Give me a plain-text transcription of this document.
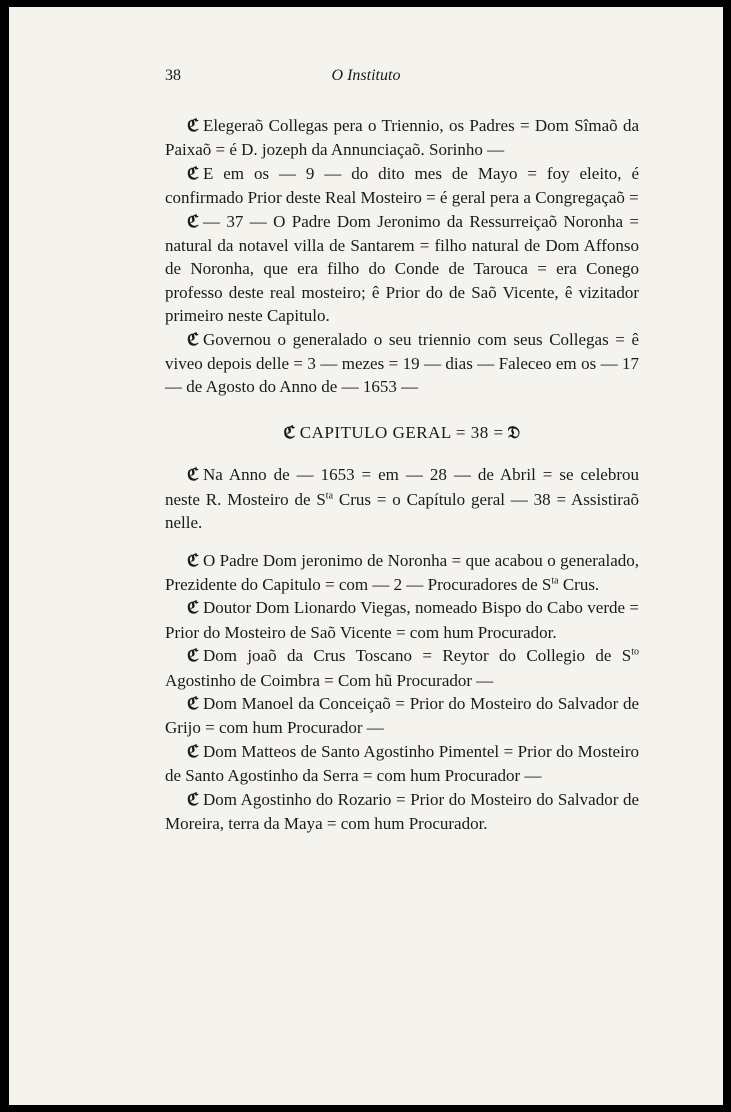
38	O Instituto

ℭ Elegeraõ Collegas pera o Triennio, os Padres = Dom Sîmaõ da Paixaõ = é D. jozeph da Annunciaçaõ. Sorinho —

ℭ E em os — 9 — do dito mes de Mayo = foy eleito, é confirmado Prior deste Real Mosteiro = é geral pera a Congregaçaõ =

ℭ — 37 — O Padre Dom Jeronimo da Ressurreiçaõ Noronha = natural da notavel villa de Santarem = filho natural de Dom Affonso de Noronha, que era filho do Conde de Tarouca = era Conego professo deste real mosteiro; ê Prior do de Saõ Vicente, ê vizitador primeiro neste Capitulo.

ℭ Governou o generalado o seu triennio com seus Collegas = ê viveo depois delle = 3 — mezes = 19 — dias — Faleceo em os — 17 — de Agosto do Anno de — 1653 —

ℭ CAPITULO GERAL = 38 = 𝔇

ℭ Na Anno de — 1653 = em — 28 — de Abril = se celebrou neste R. Mosteiro de $S^{ta}$ Crus = o Capítulo geral — 38 = Assistiraõ nelle.

ℭ O Padre Dom jeronimo de Noronha = que acabou o generalado, Prezidente do Capitulo = com — 2 — Procuradores de $S^{ta}$ Crus.

ℭ Doutor Dom Lionardo Viegas, nomeado Bispo do Cabo verde = Prior do Mosteiro de Saõ Vicente = com hum Procurador.

ℭ Dom joaõ da Crus Toscano = Reytor do Collegio de $S^{to}$ Agostinho de Coimbra = Com hũ Procurador —

ℭ Dom Manoel da Conceiçaõ = Prior do Mosteiro do Salvador de Grijo = com hum Procurador —

ℭ Dom Matteos de Santo Agostinho Pimentel = Prior do Mosteiro de Santo Agostinho da Serra = com hum Procurador —

ℭ Dom Agostinho do Rozario = Prior do Mosteiro do Salvador de Moreira, terra da Maya = com hum Procurador.
